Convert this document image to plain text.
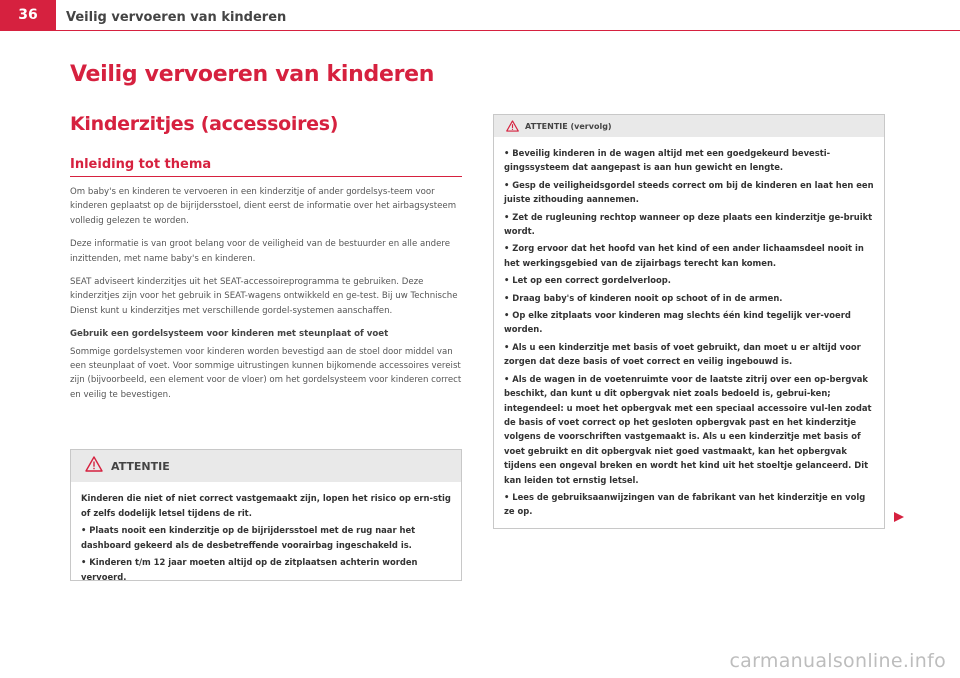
36	Veilig vervoeren van kinderen
Veilig vervoeren van kinderen
Kinderzitjes (accessoires)
Inleiding tot thema

Om baby's en kinderen te vervoeren in een kinderzitje of ander gordelsys-teem voor kinderen geplaatst op de bijrijdersstoel, dient eerst de informatie over het airbagsysteem volledig gelezen te worden.

Deze informatie is van groot belang voor de veiligheid van de bestuurder en alle andere inzittenden, met name baby's en kinderen.

SEAT adviseert kinderzitjes uit het SEAT-accessoireprogramma te gebruiken. Deze kinderzitjes zijn voor het gebruik in SEAT-wagens ontwikkeld en ge-test. Bij uw Technische Dienst kunt u kinderzitjes met verschillende gordel-systemen aanschaffen.

Gebruik een gordelsysteem voor kinderen met steunplaat of voet

Sommige gordelsystemen voor kinderen worden bevestigd aan de stoel door middel van een steunplaat of voet. Voor sommige uitrustingen kunnen bijkomende accessoires vereist zijn (bijvoorbeeld, een element voor de vloer) om het gordelsysteem voor kinderen correct en veilig te bevestigen.

ATTENTIE

Kinderen die niet of niet correct vastgemaakt zijn, lopen het risico op ern-stig of zelfs dodelijk letsel tijdens de rit.

• Plaats nooit een kinderzitje op de bijrijdersstoel met de rug naar het dashboard gekeerd als de desbetreffende voorairbag ingeschakeld is.

• Kinderen t/m 12 jaar moeten altijd op de zitplaatsen achterin worden vervoerd.

ATTENTIE (vervolg)

• Beveilig kinderen in de wagen altijd met een goedgekeurd bevesti-gingssysteem dat aangepast is aan hun gewicht en lengte.

• Gesp de veiligheidsgordel steeds correct om bij de kinderen en laat hen een juiste zithouding aannemen.

• Zet de rugleuning rechtop wanneer op deze plaats een kinderzitje ge-bruikt wordt.

• Zorg ervoor dat het hoofd van het kind of een ander lichaamsdeel nooit in het werkingsgebied van de zijairbags terecht kan komen.

• Let op een correct gordelverloop.

• Draag baby's of kinderen nooit op schoot of in de armen.

• Op elke zitplaats voor kinderen mag slechts één kind tegelijk ver-voerd worden.

• Als u een kinderzitje met basis of voet gebruikt, dan moet u er altijd voor zorgen dat deze basis of voet correct en veilig ingebouwd is.

• Als de wagen in de voetenruimte voor de laatste zitrij over een op-bergvak beschikt, dan kunt u dit opbergvak niet zoals bedoeld is, gebrui-ken; integendeel: u moet het opbergvak met een speciaal accessoire vul-len zodat de basis of voet correct op het gesloten opbergvak past en het kinderzitje volgens de voorschriften vastgemaakt is. Als u een kinderzitje met basis of voet gebruikt en dit opbergvak niet goed vastmaakt, kan het opbergvak tijdens een ongeval breken en wordt het kind uit het stoeltje gelanceerd. Dit kan leiden tot ernstig letsel.

• Lees de gebruiksaanwijzingen van de fabrikant van het kinderzitje en volg ze op.

carmanualsonline.info
